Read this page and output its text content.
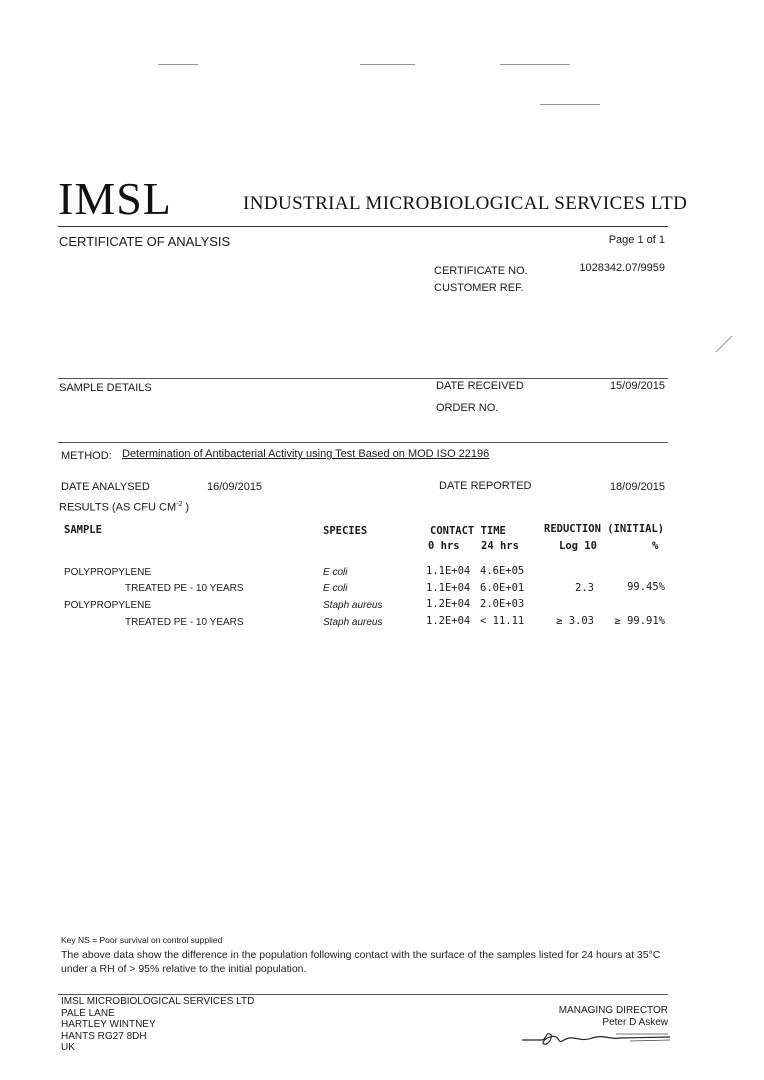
IMSL	INDUSTRIAL MICROBIOLOGICAL SERVICES LTD
CERTIFICATE OF ANALYSIS	Page 1 of 1
CERTIFICATE NO.	1028342.07/9959
CUSTOMER REF.
SAMPLE DETAILS	DATE RECEIVED	15/09/2015
ORDER NO.
METHOD: Determination of Antibacterial Activity using Test Based on MOD ISO 22196
DATE ANALYSED	16/09/2015	DATE REPORTED	18/09/2015
RESULTS (AS CFU $CM^{-2}$ )
SAMPLE	SPECIES	CONTACT TIME	REDUCTION (INITIAL)
0 hrs 24 hrs	Log 10	%
POLYPROPYLENE	E coli	1.1E+04 4.6E+05
TREATED PE - 10 YEARS	E coli	1.1E+04 6.0E+01	2.3	99.45%
POLYPROPYLENE	Staph aureus	1.2E+04 2.0E+03
TREATED PE - 10 YEARS	Staph aureus	1.2E+04 < 11.11	≥ 3.03 ≥ 99.91%
Key NS = Poor survival on control supplied
The above data show the difference in the population following contact with the surface of the samples listed for 24 hours at 35°C under a RH of > 95% relative to the initial population.
IMSL MICROBIOLOGICAL SERVICES LTD
PALE LANE
HARTLEY WINTNEY
HANTS RG27 8DH
UK
MANAGING DIRECTOR
Peter D Askew
